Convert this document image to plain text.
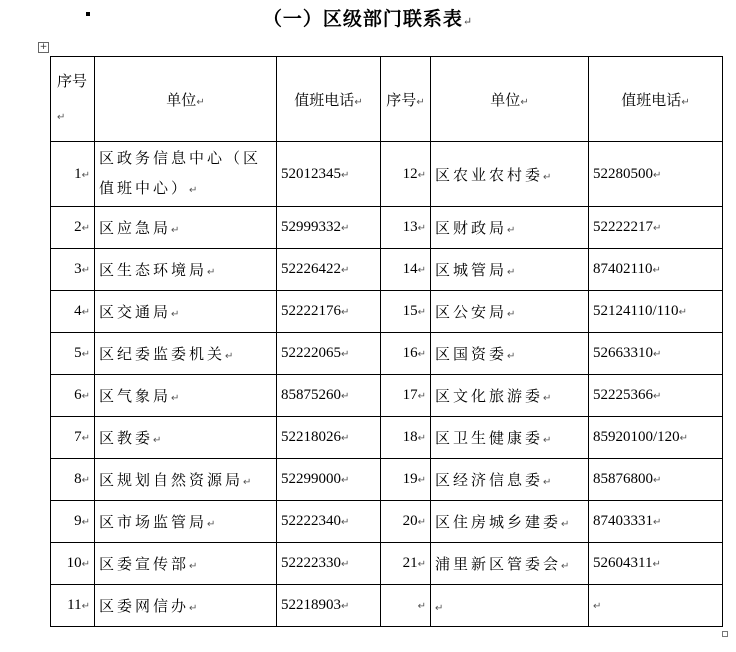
（一）区级部门联系表↵
+
序号↵	单位↵	值班电话↵	序号↵	单位↵	值班电话↵
1↵	区政务信息中心（区值班中心）↵	52012345↵	12↵	区农业农村委↵	52280500↵
2↵	区应急局↵	52999332↵	13↵	区财政局↵	52222217↵
3↵	区生态环境局↵	52226422↵	14↵	区城管局↵	87402110↵
4↵	区交通局↵	52222176↵	15↵	区公安局↵	52124110/110↵
5↵	区纪委监委机关↵	52222065↵	16↵	区国资委↵	52663310↵
6↵	区气象局↵	85875260↵	17↵	区文化旅游委↵	52225366↵
7↵	区教委↵	52218026↵	18↵	区卫生健康委↵	85920100/120↵
8↵	区规划自然资源局↵	52299000↵	19↵	区经济信息委↵	85876800↵
9↵	区市场监管局↵	52222340↵	20↵	区住房城乡建委↵	87403331↵
10↵	区委宣传部↵	52222330↵	21↵	浦里新区管委会↵	52604311↵
11↵	区委网信办↵	52218903↵	↵	↵	↵
